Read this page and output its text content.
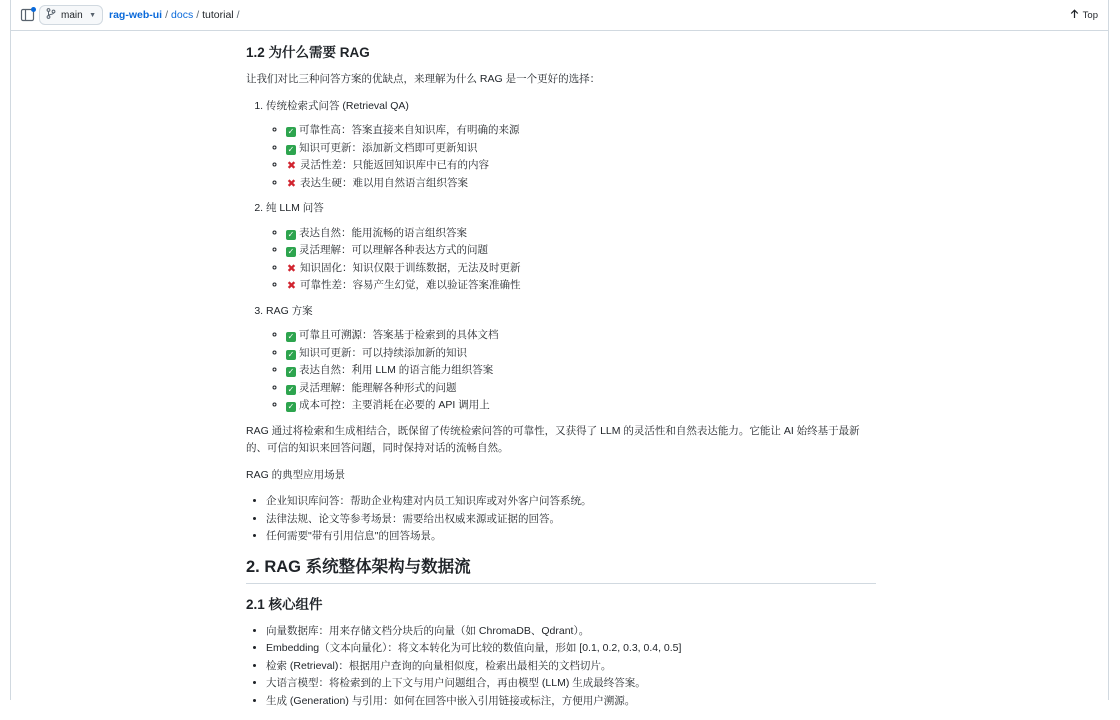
main ▼ rag-web-ui / docs / tutorial /	Top
1.2 为什么需要 RAG

让我们对比三种问答方案的优缺点，来理解为什么 RAG 是一个更好的选择：

1. 传统检索式问答 (Retrieval QA)
◦ ✓ 可靠性高：答案直接来自知识库，有明确的来源
◦ ✓ 知识可更新：添加新文档即可更新知识
◦ ✖ 灵活性差：只能返回知识库中已有的内容
◦ ✖ 表达生硬：难以用自然语言组织答案
2. 纯 LLM 问答
◦ ✓ 表达自然：能用流畅的语言组织答案
◦ ✓ 灵活理解：可以理解各种表达方式的问题
◦ ✖ 知识固化：知识仅限于训练数据，无法及时更新
◦ ✖ 可靠性差：容易产生幻觉，难以验证答案准确性
3. RAG 方案
◦ ✓ 可靠且可溯源：答案基于检索到的具体文档
◦ ✓ 知识可更新：可以持续添加新的知识
◦ ✓ 表达自然：利用 LLM 的语言能力组织答案
◦ ✓ 灵活理解：能理解各种形式的问题
◦ ✓ 成本可控：主要消耗在必要的 API 调用上

RAG 通过将检索和生成相结合，既保留了传统检索问答的可靠性，又获得了 LLM 的灵活性和自然表达能力。它能让 AI 始终基于最新的、可信的知识来回答问题，同时保持对话的流畅自然。

RAG 的典型应用场景

• 企业知识库问答：帮助企业构建对内员工知识库或对外客户问答系统。
• 法律法规、论文等参考场景：需要给出权威来源或证据的回答。
• 任何需要"带有引用信息"的回答场景。
2. RAG 系统整体架构与数据流
2.1 核心组件
• 向量数据库：用来存储文档分块后的向量（如 ChromaDB、Qdrant）。
• Embedding（文本向量化）：将文本转化为可比较的数值向量，形如 [0.1, 0.2, 0.3, 0.4, 0.5]
• 检索 (Retrieval)：根据用户查询的向量相似度，检索出最相关的文档切片。
• 大语言模型：将检索到的上下文与用户问题组合，再由模型 (LLM) 生成最终答案。
• 生成 (Generation) 与引用：如何在回答中嵌入引用链接或标注，方便用户溯源。
